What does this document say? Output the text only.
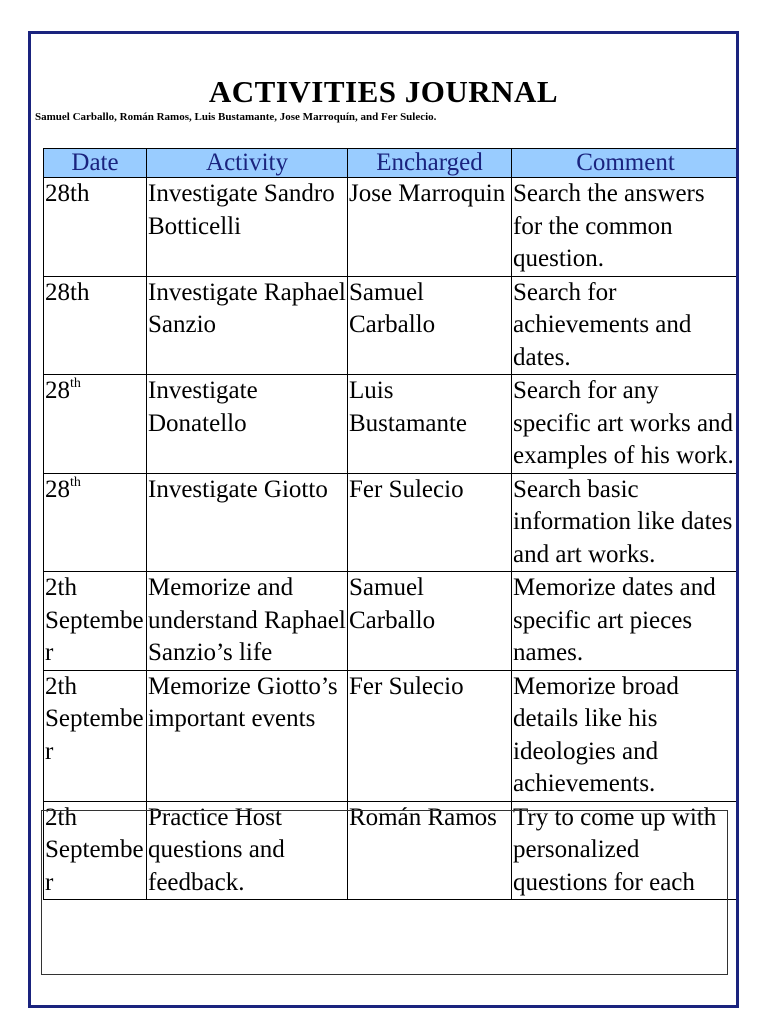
ACTIVITIES JOURNAL
Samuel Carballo, Román Ramos, Luis Bustamante, Jose Marroquín, and Fer Sulecio.
Date	Activity	Encharged	Comment
28th	Investigate Sandro Botticelli	Jose Marroquin	Search the answers for the common question.
28th	Investigate Raphael Sanzio	Samuel Carballo	Search for achievements and dates.
28th	Investigate Donatello	Luis Bustamante	Search for any specific art works and examples of his work.
28th	Investigate Giotto	Fer Sulecio	Search basic information like dates and art works.
2th September	Memorize and understand Raphael Sanzio’s life	Samuel Carballo	Memorize dates and specific art pieces names.
2th September	Memorize Giotto’s important events	Fer Sulecio	Memorize broad details like his ideologies and achievements.
2th September	Practice Host questions and feedback.	Román Ramos	Try to come up with personalized questions for each
